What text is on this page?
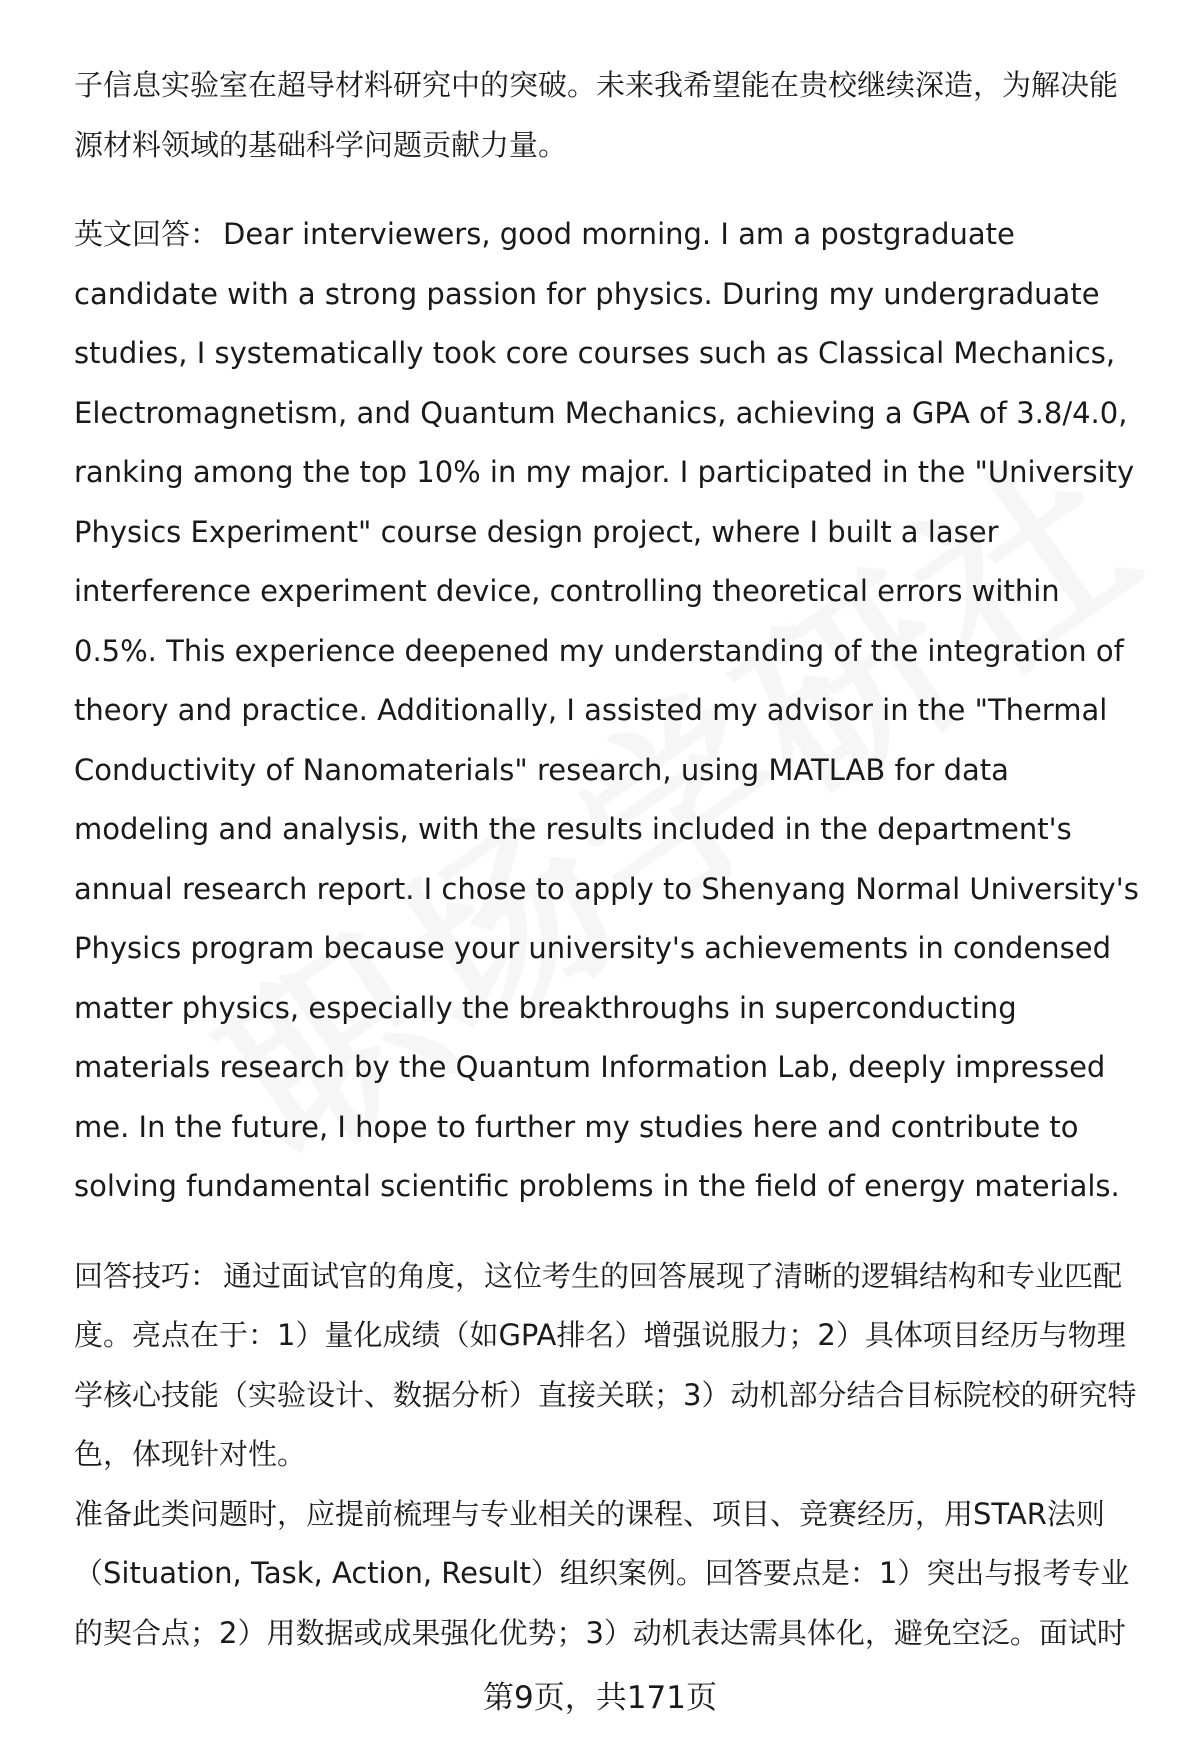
子信息实验室在超导材料研究中的突破。未来我希望能在贵校继续深造，为解决能源材料领域的基础科学问题贡献力量。

英文回答： Dear interviewers, good morning. I am a postgraduate candidate with a strong passion for physics. During my undergraduate studies, I systematically took core courses such as Classical Mechanics, Electromagnetism, and Quantum Mechanics, achieving a GPA of 3.8/4.0, ranking among the top 10% in my major. I participated in the "University Physics Experiment" course design project, where I built a laser interference experiment device, controlling theoretical errors within 0.5%. This experience deepened my understanding of the integration of theory and practice. Additionally, I assisted my advisor in the "Thermal Conductivity of Nanomaterials" research, using MATLAB for data modeling and analysis, with the results included in the department's annual research report. I chose to apply to Shenyang Normal University's Physics program because your university's achievements in condensed matter physics, especially the breakthroughs in superconducting materials research by the Quantum Information Lab, deeply impressed me. In the future, I hope to further my studies here and contribute to solving fundamental scientific problems in the field of energy materials.

回答技巧： 通过面试官的角度，这位考生的回答展现了清晰的逻辑结构和专业匹配度。亮点在于：1）量化成绩（如GPA排名）增强说服力；2）具体项目经历与物理学核心技能（实验设计、数据分析）直接关联；3）动机部分结合目标院校的研究特色，体现针对性。

准备此类问题时，应提前梳理与专业相关的课程、项目、竞赛经历，用STAR法则（Situation, Task, Action, Result）组织案例。回答要点是：1）突出与报考专业的契合点；2）用数据或成果强化优势；3）动机表达需具体化，避免空泛。面试时

第9页，共171页
